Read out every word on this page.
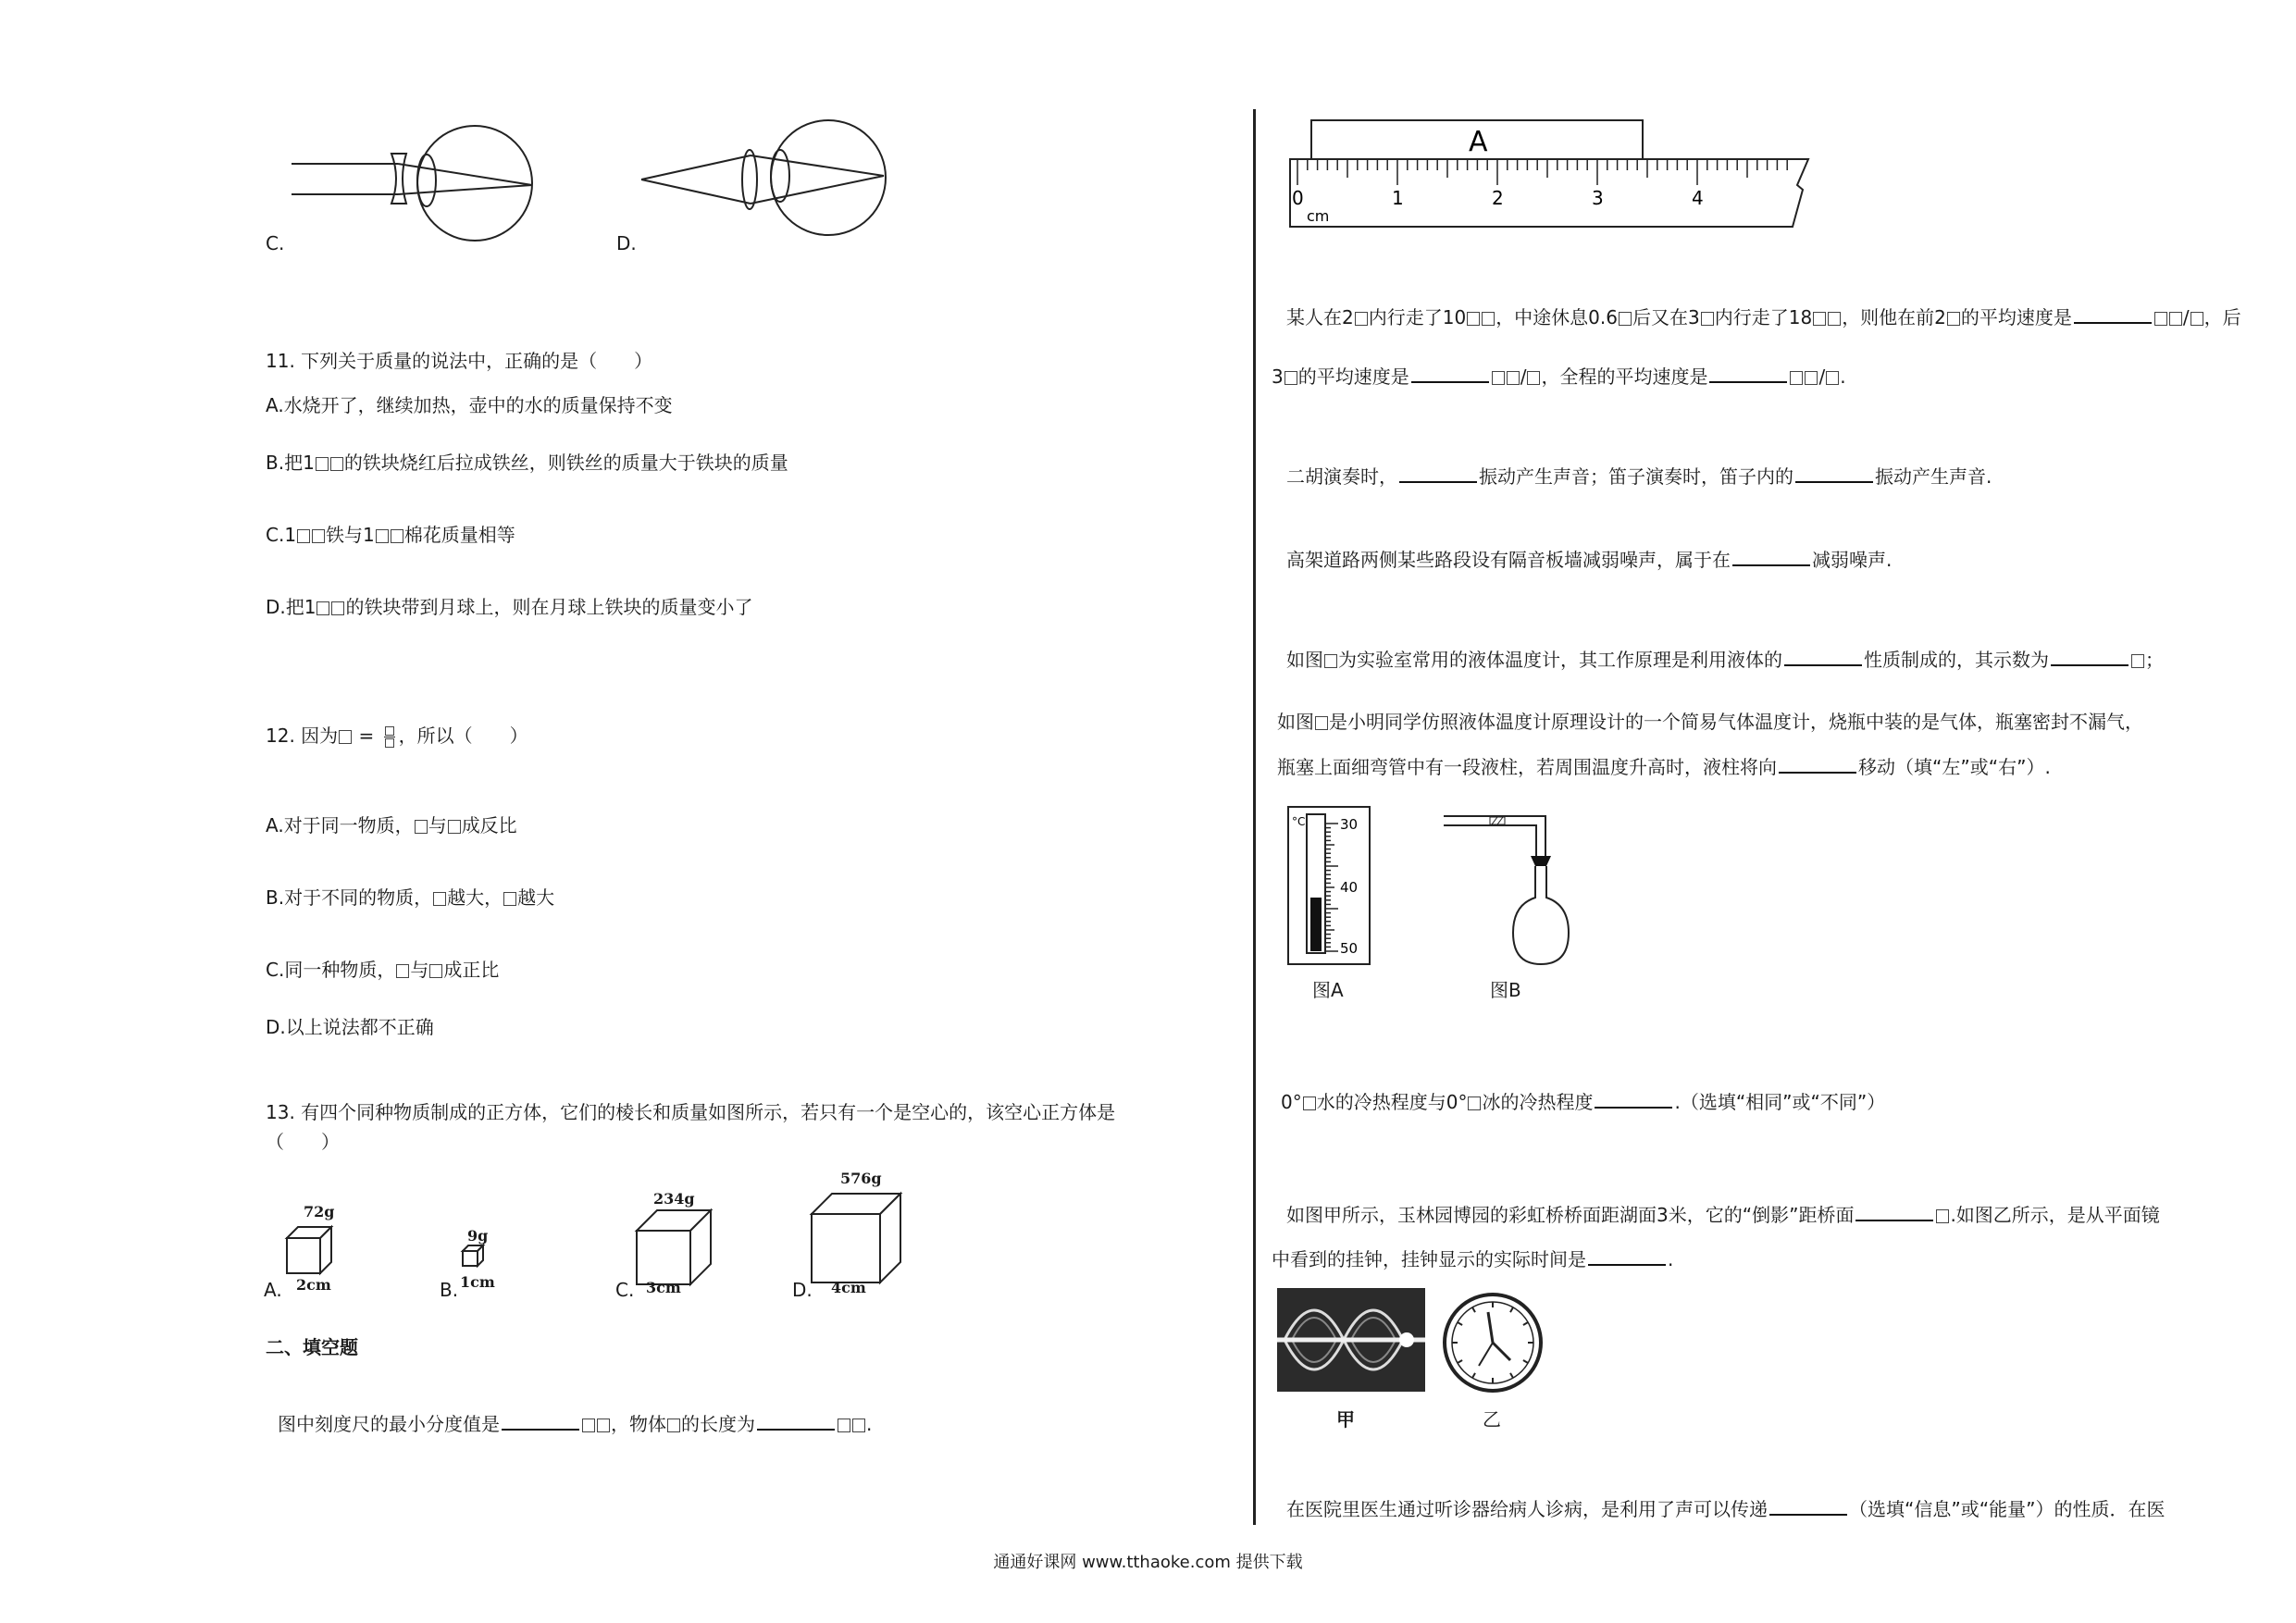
C.	D.
11. 下列关于质量的说法中，正确的是（　　）
A.水烧开了，继续加热，壶中的水的质量保持不变
B.把1 的铁块烧红后拉成铁丝，则铁丝的质量大于铁块的质量
C.1 铁与1 棉花质量相等
D.把1 的铁块带到月球上，则在月球上铁块的质量变小了
12. 因为 =
，所以（　　）
A.对于同一物质， 与 成反比
B.对于不同的物质， 越大， 越大
C.同一种物质， 与 成正比
D.以上说法都不正确
13. 有四个同种物质制成的正方体，它们的棱长和质量如图所示，若只有一个是空心的，该空心正方体是
（　　）
72g
2cm
A.
9g
1cm
B.
234g
3cm
C.
576g
4cm
D.
二、填空题
图中刻度尺的最小分度值是	，物体 的长度为	.
A
cm
0	1	2	3	4
某人在2 内行走了10 ，中途休息0.6 后又在3 内行走了18 ，则他在前2 的平均速度是	/ ，后
3 的平均速度是	/ ，全程的平均速度是	/ .
二胡演奏时，	振动产生声音；笛子演奏时，笛子内的	振动产生声音.
高架道路两侧某些路段设有隔音板墙减弱噪声，属于在	减弱噪声.
如图 为实验室常用的液体温度计，其工作原理是利用液体的	性质制成的，其示数为	；
如图 是小明同学仿照液体温度计原理设计的一个简易气体温度计，烧瓶中装的是气体，瓶塞密封不漏气，
瓶塞上面细弯管中有一段液柱，若周围温度升高时，液柱将向	移动（填“左”或“右”）.
°C	30
40
50
图A	图B
0° 水的冷热程度与0° 冰的冷热程度	.（选填“相同”或“不同”）
如图甲所示，玉林园博园的彩虹桥桥面距湖面3米，它的“倒影”距桥面	.如图乙所示，是从平面镜
中看到的挂钟，挂钟显示的实际时间是	.
甲	乙
在医院里医生通过听诊器给病人诊病，是利用了声可以传递	（选填“信息”或“能量”）的性质．在医
通通好课网 www.tthaoke.com 提供下载
